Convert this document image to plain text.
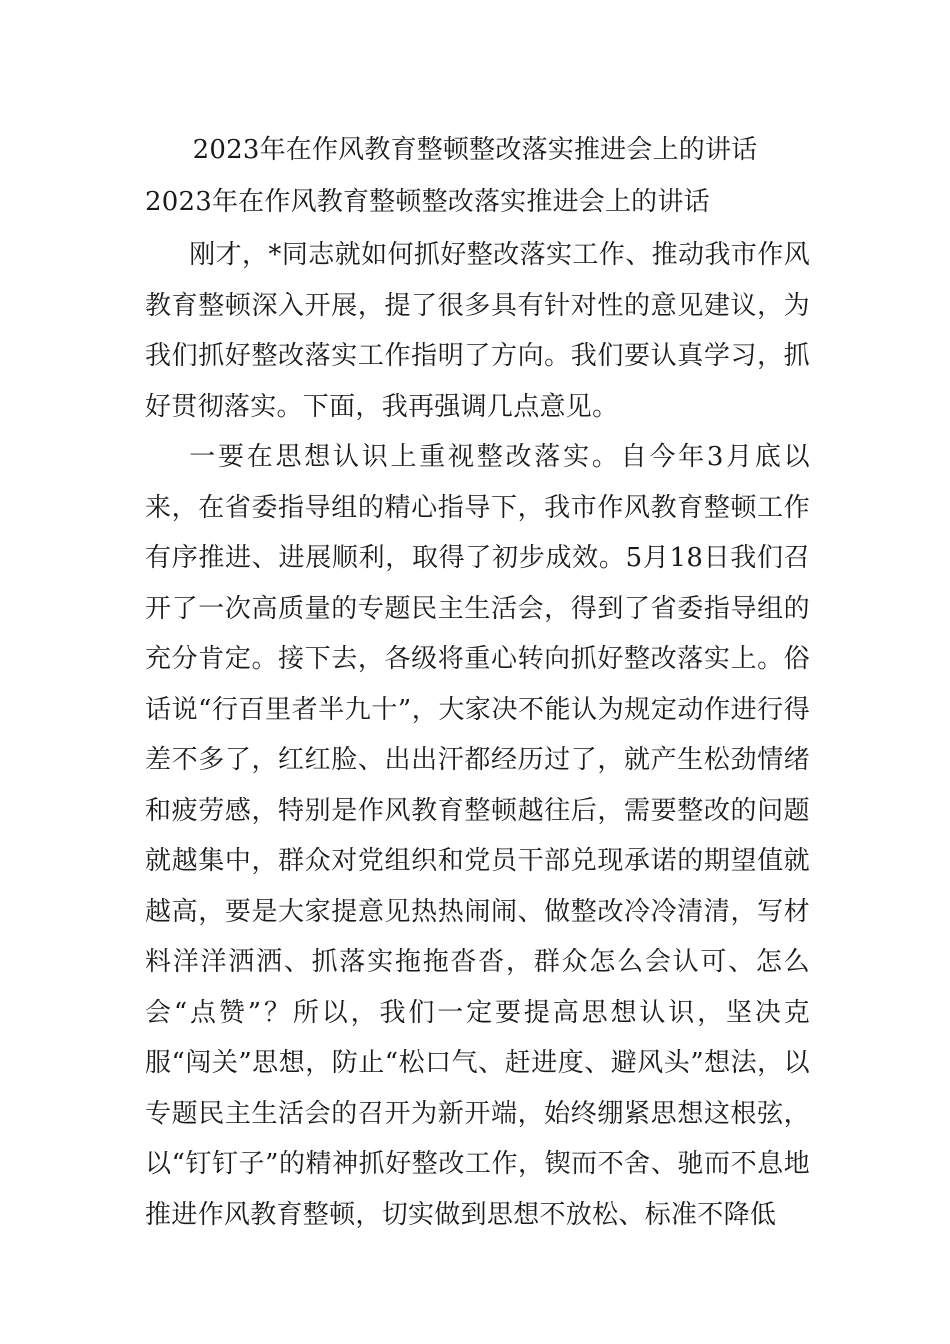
2023年在作风教育整顿整改落实推进会上的讲话
2023年在作风教育整顿整改落实推进会上的讲话

刚才，*同志就如何抓好整改落实工作、推动我市作风教育整顿深入开展，提了很多具有针对性的意见建议，为我们抓好整改落实工作指明了方向。我们要认真学习，抓好贯彻落实。下面，我再强调几点意见。

一要在思想认识上重视整改落实。自今年3月底以来，在省委指导组的精心指导下，我市作风教育整顿工作有序推进、进展顺利，取得了初步成效。5月18日我们召开了一次高质量的专题民主生活会，得到了省委指导组的充分肯定。接下去，各级将重心转向抓好整改落实上。俗话说“行百里者半九十”，大家决不能认为规定动作进行得差不多了，红红脸、出出汗都经历过了，就产生松劲情绪和疲劳感，特别是作风教育整顿越往后，需要整改的问题就越集中，群众对党组织和党员干部兑现承诺的期望值就越高，要是大家提意见热热闹闹、做整改冷冷清清，写材料洋洋洒洒、抓落实拖拖沓沓，群众怎么会认可、怎么会“点赞”？所以，我们一定要提高思想认识，坚决克服“闯关”思想，防止“松口气、赶进度、避风头”想法，以专题民主生活会的召开为新开端，始终绷紧思想这根弦，以“钉钉子”的精神抓好整改工作，锲而不舍、驰而不息地推进作风教育整顿，切实做到思想不放松、标准不降低
